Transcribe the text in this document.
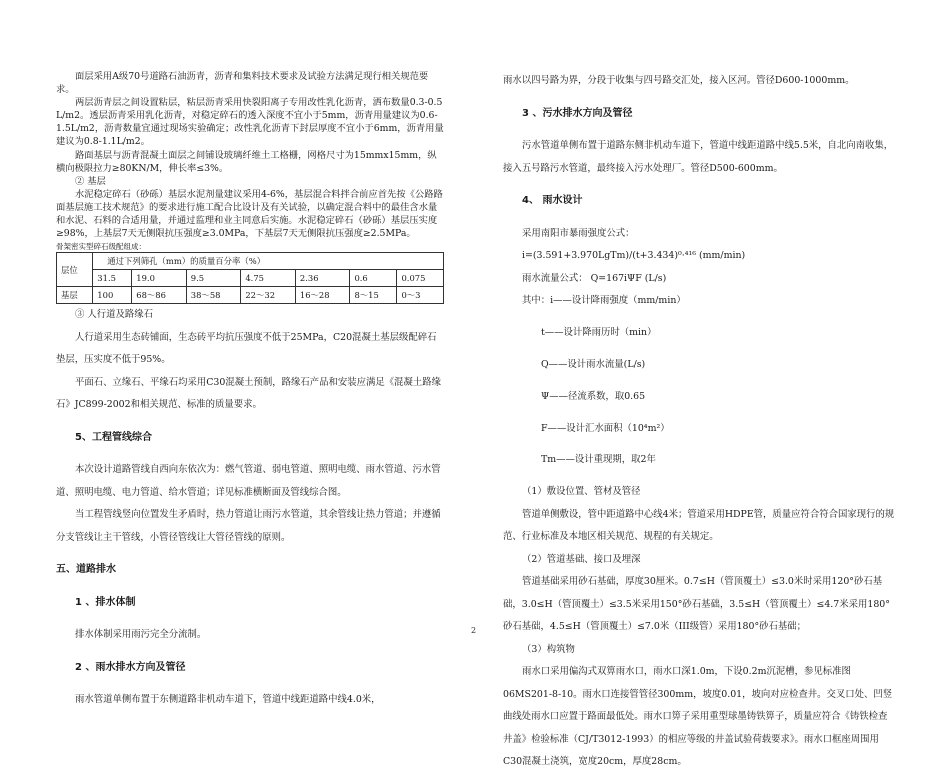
面层采用A级70号道路石油沥青，沥青和集料技术要求及试验方法满足现行相关规范要求。

两层沥青层之间设置粘层，粘层沥青采用快裂阳离子专用改性乳化沥青，洒布数量0.3-0.5 L/m2。透层沥青采用乳化沥青，对稳定碎石的透入深度不宜小于5mm，沥青用量建议为0.6-1.5L/m2，沥青数量宜通过现场实验确定；改性乳化沥青下封层厚度不宜小于6mm，沥青用量建议为0.8-1.1L/m2。

路面基层与沥青混凝土面层之间铺设玻璃纤维土工格栅，网格尺寸为15mmx15mm，纵横向极限拉力≥80KN/M，伸长率≤3%。

② 基层

水泥稳定碎石（砂砾）基层水泥剂量建议采用4-6%，基层混合料拌合前应首先按《公路路面基层施工技术规范》的要求进行施工配合比设计及有关试验，以确定混合料中的最佳含水量和水泥、石料的合适用量，并通过监理和业主同意后实施。水泥稳定碎石（砂砾）基层压实度≥98%，上基层7天无侧限抗压强度≥3.0MPa，下基层7天无侧限抗压强度≥2.5MPa。

骨架密实型碎石级配组成：

层位	通过下列筛孔（mm）的质量百分率（%）						
	31.5	19.0	9.5	4.75	2.36	0.6	0.075
基层	100	68～86	38～58	22～32	16～28	8～15	0～3

③ 人行道及路缘石

人行道采用生态砖铺面，生态砖平均抗压强度不低于25MPa，C20混凝土基层级配碎石垫层，压实度不低于95%。

平面石、立缘石、平缘石均采用C30混凝土预制，路缘石产品和安装应满足《混凝土路缘石》JC899-2002和相关规范、标准的质量要求。

5、工程管线综合

本次设计道路管线自西向东依次为：燃气管道、弱电管道、照明电缆、雨水管道、污水管道、照明电缆、电力管道、给水管道；详见标准横断面及管线综合图。

当工程管线竖向位置发生矛盾时，热力管道让雨污水管道，其余管线让热力管道；并遵循分支管线让主干管线，小管径管线让大管径管线的原则。

五、道路排水

1 、排水体制

排水体制采用雨污完全分流制。

2 、雨水排水方向及管径

雨水管道单侧布置于东侧道路非机动车道下，管道中线距道路中线4.0米，

雨水以四号路为界，分段于收集与四号路交汇处，接入区河。管径D600-1000mm。

3 、污水排水方向及管径

污水管道单侧布置于道路东侧非机动车道下，管道中线距道路中线5.5米，自北向南收集，接入五号路污水管道，最终接入污水处理厂。管径D500-600mm。

4、 雨水设计

采用南阳市暴雨强度公式：

i=(3.591+3.970LgTm)/(t+3.434)⁰·⁴¹⁶ (mm/min)

雨水流量公式： Q=167iΨF (L/s)

其中：i——设计降雨强度（mm/min）

t——设计降雨历时（min）

Q——设计雨水流量(L/s)

Ψ——径流系数，取0.65

F——设计汇水面积（10⁴m²）

Tm——设计重现期，取2年

（1）敷设位置、管材及管径

管道单侧敷设，管中距道路中心线4米；管道采用HDPE管，质量应符合符合国家现行的规范、行业标准及本地区相关规范、规程的有关规定。

（2）管道基础、接口及埋深

管道基础采用砂石基础，厚度30厘米。0.7≤H（管顶覆土）≤3.0米时采用120°砂石基础，3.0≤H（管顶覆土）≤3.5米采用150°砂石基础，3.5≤H（管顶覆土）≤4.7米采用180°砂石基础，4.5≤H（管顶覆土）≤7.0米（III级管）采用180°砂石基础；

（3）构筑物

雨水口采用偏沟式双箅雨水口，雨水口深1.0m，下设0.2m沉泥槽，参见标准图06MS201-8-10。雨水口连接管管径300mm，坡度0.01，坡向对应检查井。交叉口处、凹竖曲线处雨水口应置于路面最低处。雨水口箅子采用重型球墨铸铁箅子，质量应符合《铸铁检查井盖》检验标准（CJ/T3012-1993）的相应等级的井盖试验荷载要求》。雨水口框座周围用C30混凝土浇筑，宽度20cm，厚度28cm。

2
